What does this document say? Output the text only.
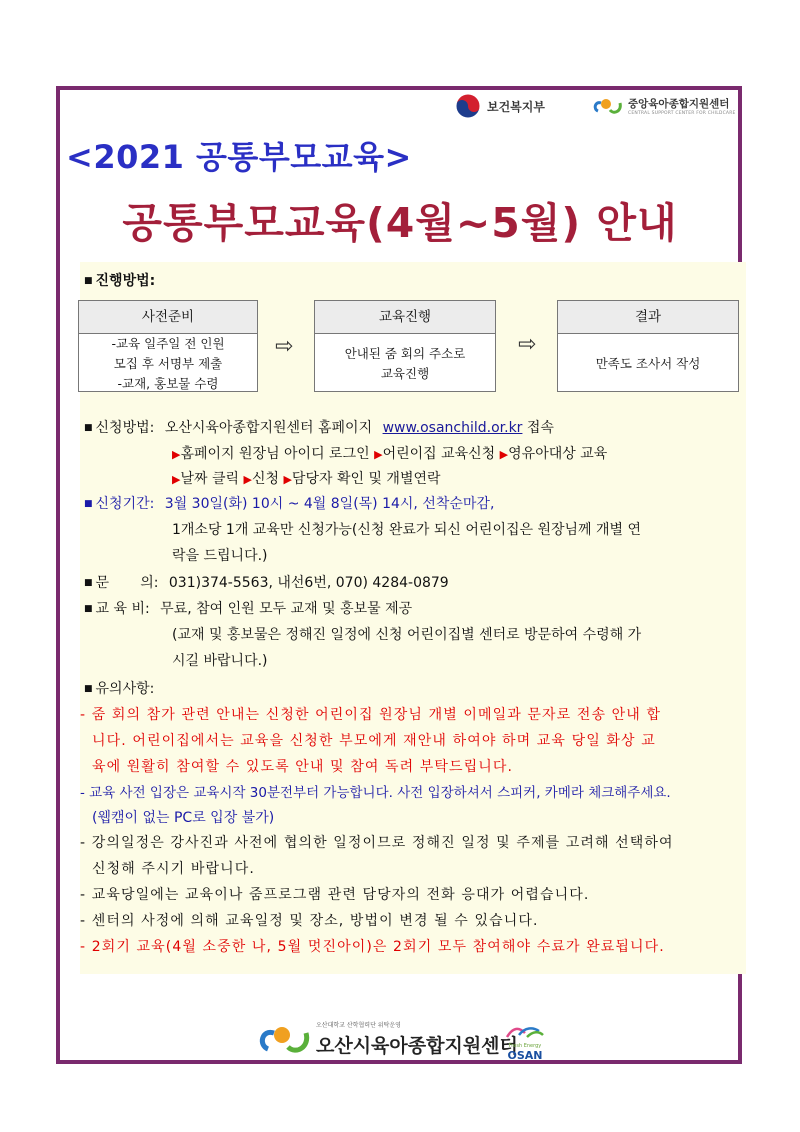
보건복지부	중앙육아종합지원센터
CENTRAL SUPPORT CENTER FOR CHILDCARE
<2021 공통부모교육>
공통부모교육(4월~5월) 안내
■ 진행방법:
사전준비
-교육 일주일 전 인원
모집 후 서명부 제출
-교재, 홍보물 수령
⇨
교육진행
안내된 줌 회의 주소로
교육진행
⇨
결과
만족도 조사서 작성
■ 신청방법: 오산시육아종합지원센터 홈페이지 www.osanchild.or.kr 접속
▶홈페이지 원장님 아이디 로그인 ▶어린이집 교육신청 ▶영유아대상 교육
▶날짜 클릭 ▶신청 ▶담당자 확인 및 개별연락
■ 신청기간: 3월 30일(화) 10시 ~ 4월 8일(목) 14시, 선착순마감,
1개소당 1개 교육만 신청가능(신청 완료가 되신 어린이집은 원장님께 개별 연
락을 드립니다.)
■ 문       의: 031)374-5563, 내선6번, 070) 4284-0879
■ 교 육 비: 무료, 참여 인원 모두 교재 및 홍보물 제공
(교재 및 홍보물은 정해진 일정에 신청 어린이집별 센터로 방문하여 수령해 가
시길 바랍니다.)
■ 유의사항:
- 줌 회의 참가 관련 안내는 신청한 어린이집 원장님 개별 이메일과 문자로 전송 안내 합
니다. 어린이집에서는 교육을 신청한 부모에게 재안내 하여야 하며 교육 당일 화상 교
육에 원활히 참여할 수 있도록 안내 및 참여 독려 부탁드립니다.
- 교육 사전 입장은 교육시작 30분전부터 가능합니다. 사전 입장하셔서 스피커, 카메라 체크해주세요.
(웹캠이 없는 PC로 입장 불가)
- 강의일정은 강사진과 사전에 협의한 일정이므로 정해진 일정 및 주제를 고려해 선택하여
신청해 주시기 바랍니다.
- 교육당일에는 교육이나 줌프로그램 관련 담당자의 전화 응대가 어렵습니다.
- 센터의 사정에 의해 교육일정 및 장소, 방법이 변경 될 수 있습니다.
- 2회기 교육(4월 소중한 나, 5월 멋진아이)은 2회기 모두 참여해야 수료가 완료됩니다.
오산대학교 산학협력단 위탁운영
오산시육아종합지원센터
Fresh Energy
OSAN
